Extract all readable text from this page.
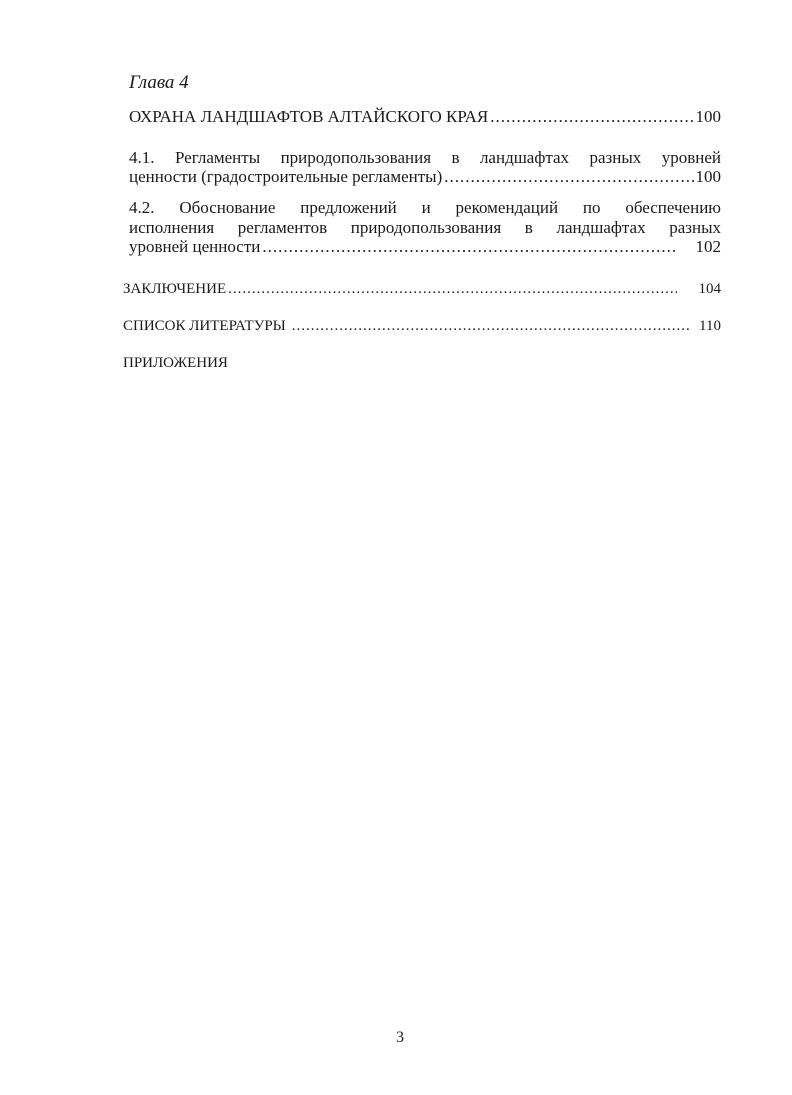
Глава 4
ОХРАНА ЛАНДШАФТОВ АЛТАЙСКОГО КРАЯ .....	100
4.1. Регламенты природопользования в ландшафтах разных уровней
ценности (градостроительные регламенты) .....	100
4.2. Обоснование предложений и рекомендаций по обеспечению
исполнения регламентов природопользования в ландшафтах разных
уровней ценности .....	102
ЗАКЛЮЧЕНИЕ .....	104
СПИСОК ЛИТЕРАТУРЫ .....	110
ПРИЛОЖЕНИЯ
3
